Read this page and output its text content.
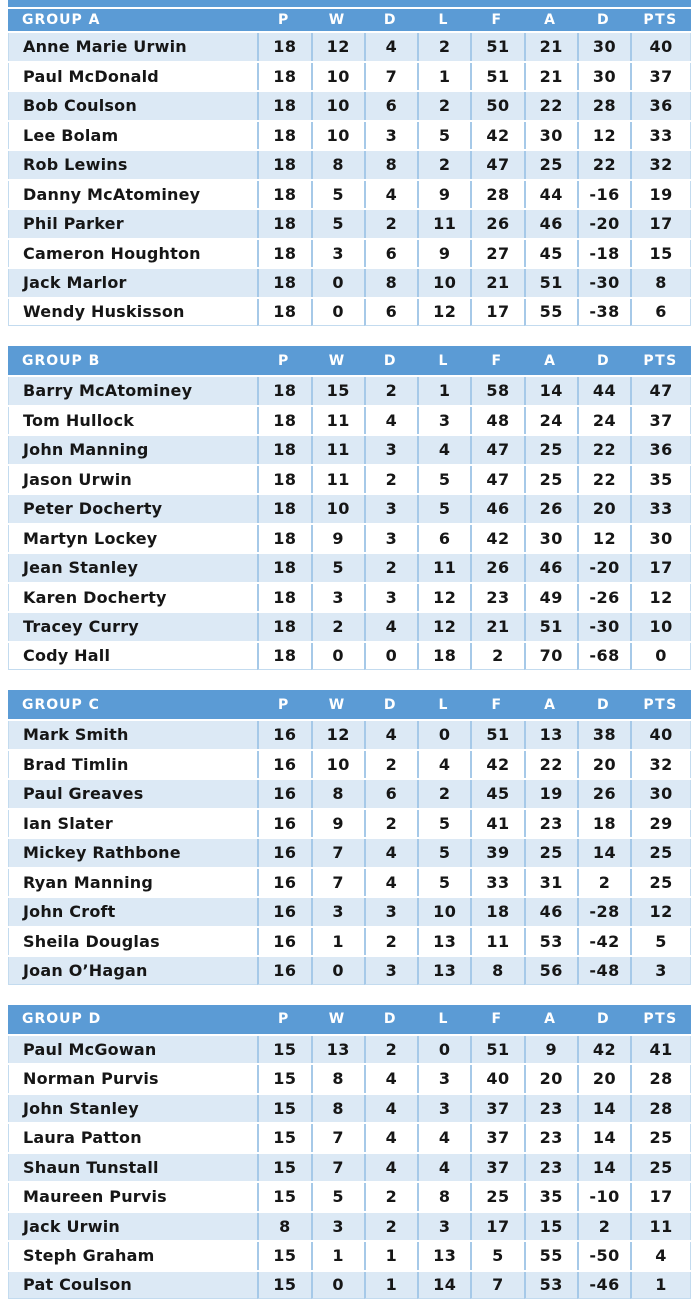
GROUP A	P	W	D	L	F	A	D	PTS
Anne Marie Urwin	18	12	4	2	51	21	30	40
Paul McDonald	18	10	7	1	51	21	30	37
Bob Coulson	18	10	6	2	50	22	28	36
Lee Bolam	18	10	3	5	42	30	12	33
Rob Lewins	18	8	8	2	47	25	22	32
Danny McAtominey	18	5	4	9	28	44	-16	19
Phil Parker	18	5	2	11	26	46	-20	17
Cameron Houghton	18	3	6	9	27	45	-18	15
Jack Marlor	18	0	8	10	21	51	-30	8
Wendy Huskisson	18	0	6	12	17	55	-38	6
GROUP B	P	W	D	L	F	A	D	PTS
Barry McAtominey	18	15	2	1	58	14	44	47
Tom Hullock	18	11	4	3	48	24	24	37
John Manning	18	11	3	4	47	25	22	36
Jason Urwin	18	11	2	5	47	25	22	35
Peter Docherty	18	10	3	5	46	26	20	33
Martyn Lockey	18	9	3	6	42	30	12	30
Jean Stanley	18	5	2	11	26	46	-20	17
Karen Docherty	18	3	3	12	23	49	-26	12
Tracey Curry	18	2	4	12	21	51	-30	10
Cody Hall	18	0	0	18	2	70	-68	0
GROUP C	P	W	D	L	F	A	D	PTS
Mark Smith	16	12	4	0	51	13	38	40
Brad Timlin	16	10	2	4	42	22	20	32
Paul Greaves	16	8	6	2	45	19	26	30
Ian Slater	16	9	2	5	41	23	18	29
Mickey Rathbone	16	7	4	5	39	25	14	25
Ryan Manning	16	7	4	5	33	31	2	25
John Croft	16	3	3	10	18	46	-28	12
Sheila Douglas	16	1	2	13	11	53	-42	5
Joan O’Hagan	16	0	3	13	8	56	-48	3
GROUP D	P	W	D	L	F	A	D	PTS
Paul McGowan	15	13	2	0	51	9	42	41
Norman Purvis	15	8	4	3	40	20	20	28
John Stanley	15	8	4	3	37	23	14	28
Laura Patton	15	7	4	4	37	23	14	25
Shaun Tunstall	15	7	4	4	37	23	14	25
Maureen Purvis	15	5	2	8	25	35	-10	17
Jack Urwin	8	3	2	3	17	15	2	11
Steph Graham	15	1	1	13	5	55	-50	4
Pat Coulson	15	0	1	14	7	53	-46	1
